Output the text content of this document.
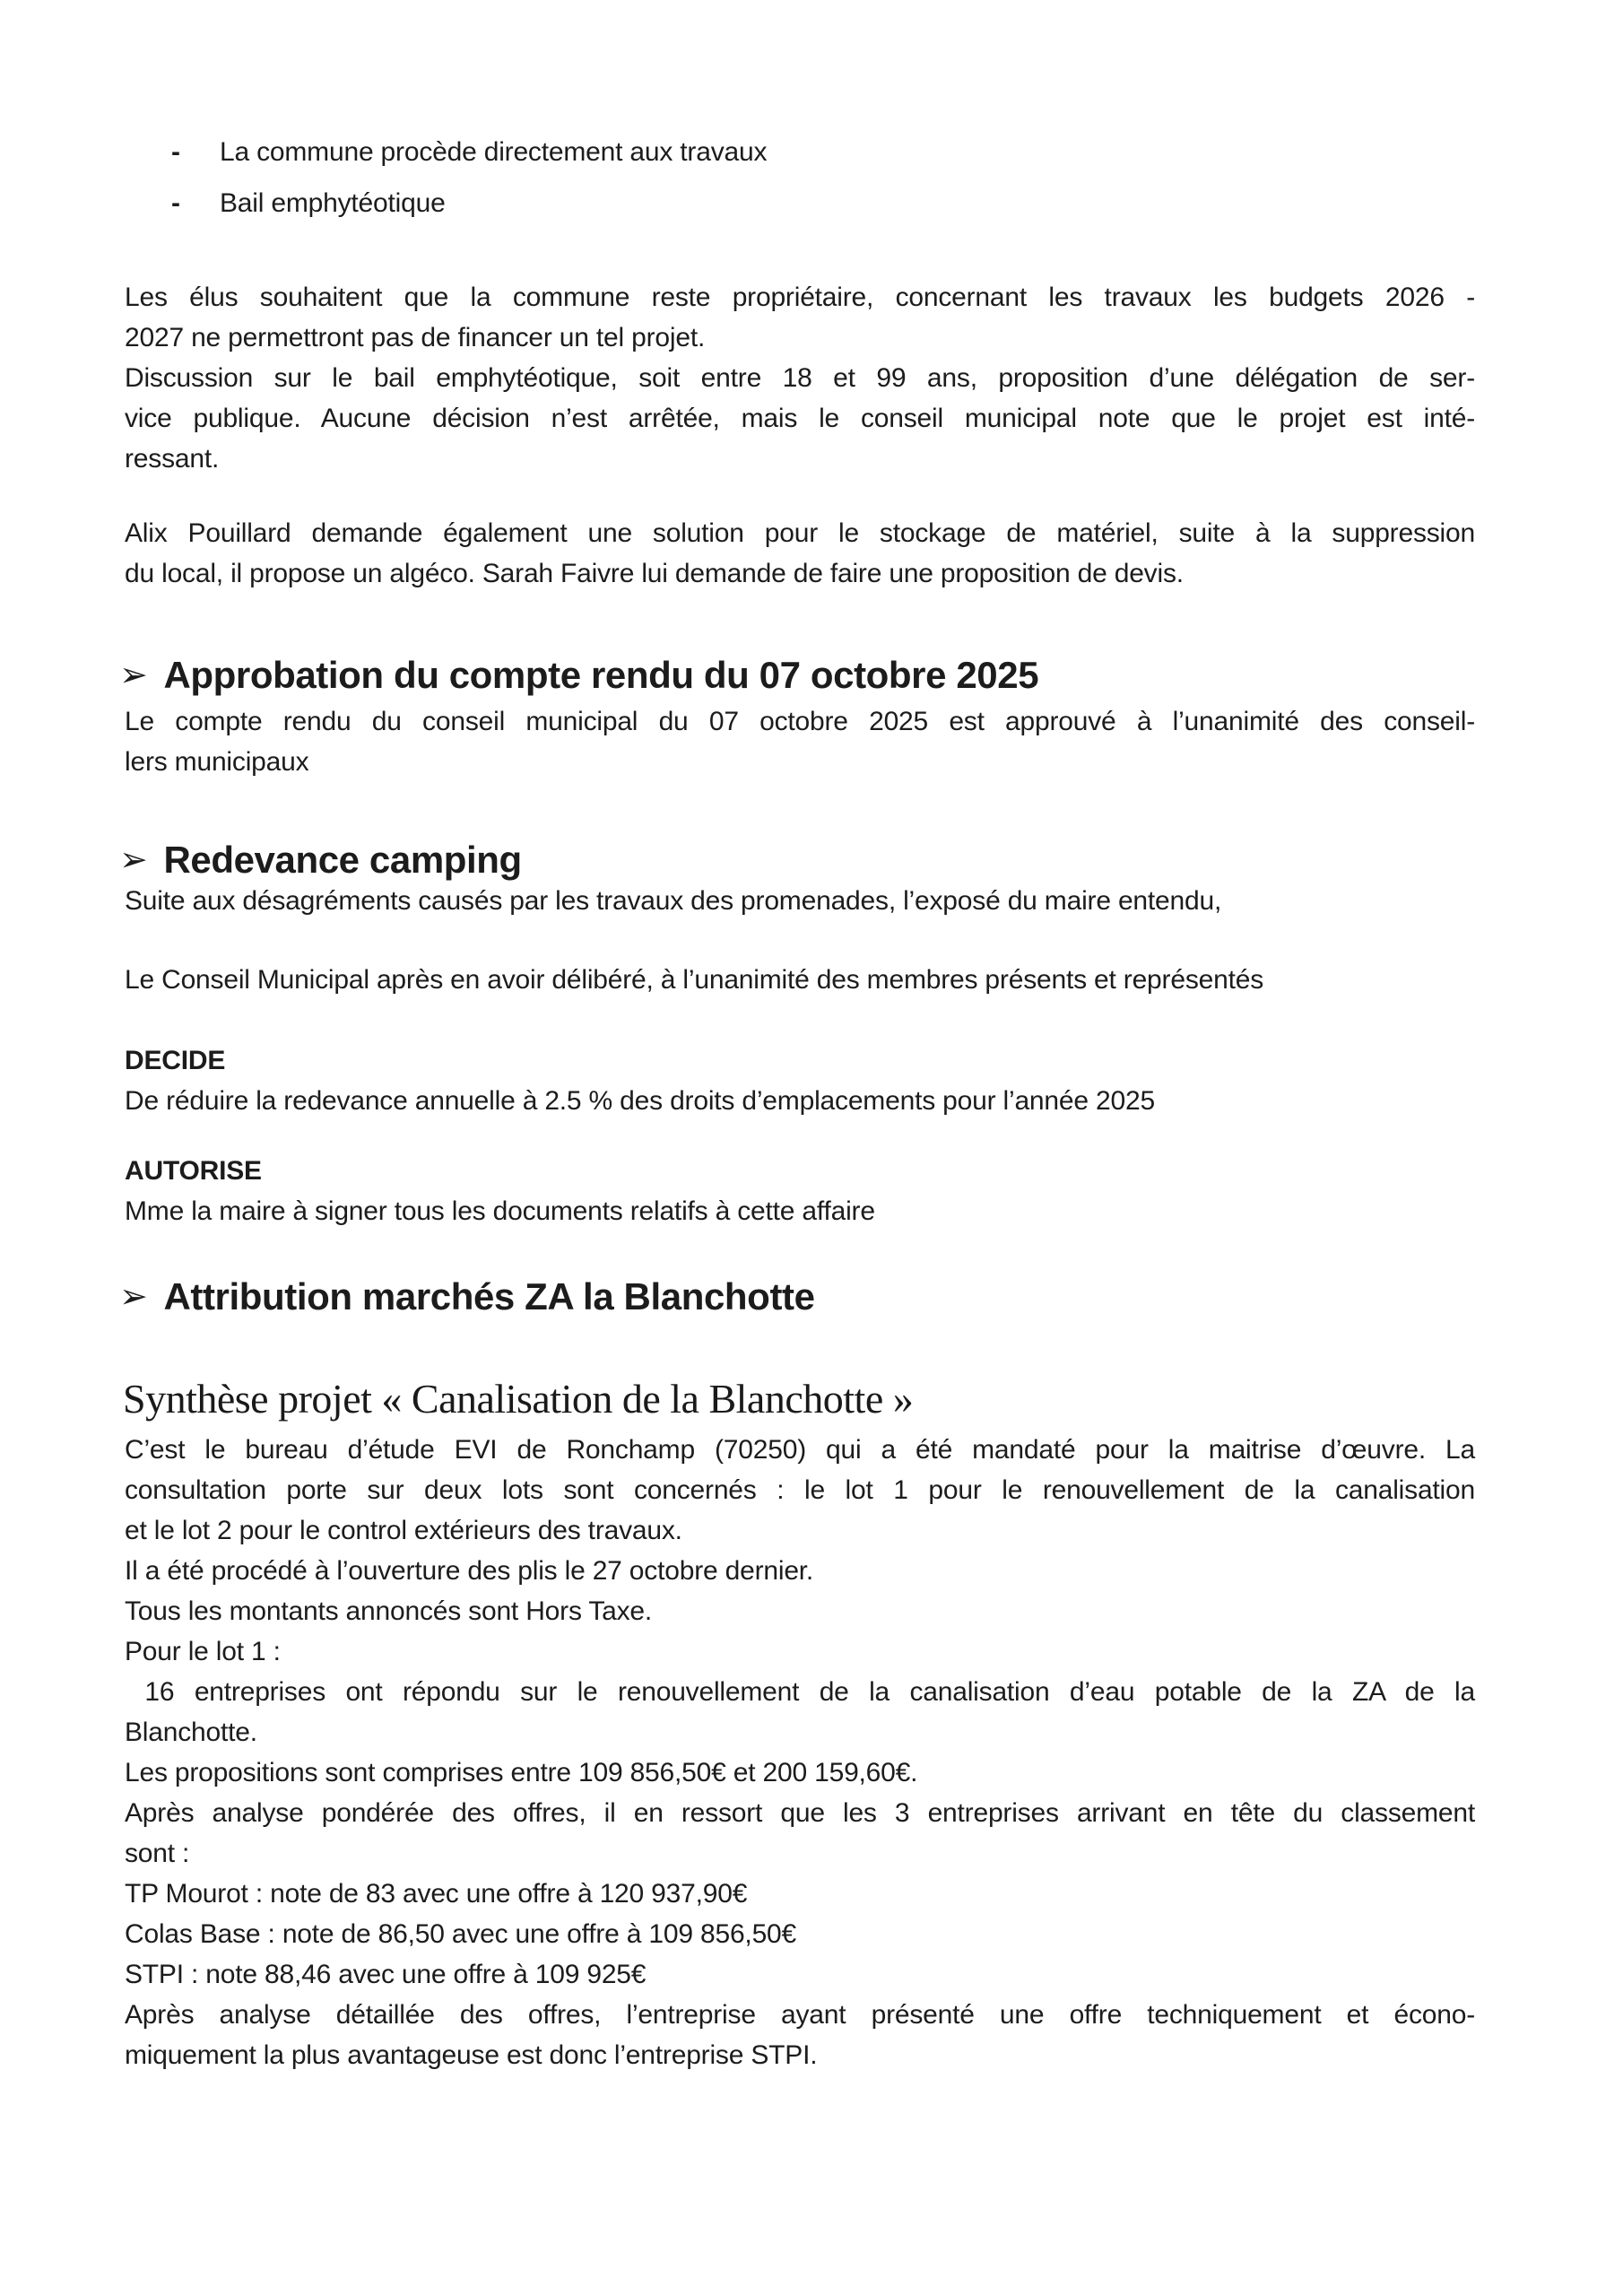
-	La commune procède directement aux travaux
-	Bail emphytéotique
Les élus souhaitent que la commune reste propriétaire, concernant les travaux les budgets 2026 -
2027 ne permettront pas de financer un tel projet.
Discussion sur le bail emphytéotique, soit entre 18 et 99 ans, proposition d’une délégation de ser-
vice publique. Aucune décision n’est arrêtée, mais le conseil municipal note que le projet est inté-
ressant.
Alix Pouillard demande également une solution pour le stockage de matériel, suite à la suppression
du local, il propose un algéco. Sarah Faivre lui demande de faire une proposition de devis.
➢ Approbation du compte rendu du 07 octobre 2025
Le compte rendu du conseil municipal du 07 octobre 2025 est approuvé à l’unanimité des conseil-
lers municipaux
➢ Redevance camping
Suite aux désagréments causés par les travaux des promenades, l’exposé du maire entendu,
Le Conseil Municipal après en avoir délibéré, à l’unanimité des membres présents et représentés
DECIDE
De réduire la redevance annuelle à 2.5 % des droits d’emplacements pour l’année 2025
AUTORISE
Mme la maire à signer tous les documents relatifs à cette affaire
➢ Attribution marchés ZA la Blanchotte
Synthèse projet « Canalisation de la Blanchotte »
C’est le bureau d’étude EVI de Ronchamp (70250) qui a été mandaté pour la maitrise d’œuvre. La
consultation porte sur deux lots sont concernés : le lot 1 pour le renouvellement de la canalisation
et le lot 2 pour le control extérieurs des travaux.
Il a été procédé à l’ouverture des plis le 27 octobre dernier.
Tous les montants annoncés sont Hors Taxe.
Pour le lot 1 :
16 entreprises ont répondu sur le renouvellement de la canalisation d’eau potable de la ZA de la
Blanchotte.
Les propositions sont comprises entre 109 856,50€ et 200 159,60€.
Après analyse pondérée des offres, il en ressort que les 3 entreprises arrivant en tête du classement
sont :
TP Mourot : note de 83 avec une offre à 120 937,90€
Colas Base : note de 86,50 avec une offre à 109 856,50€
STPI : note 88,46 avec une offre à 109 925€
Après analyse détaillée des offres, l’entreprise ayant présenté une offre techniquement et écono-
miquement la plus avantageuse est donc l’entreprise STPI.
